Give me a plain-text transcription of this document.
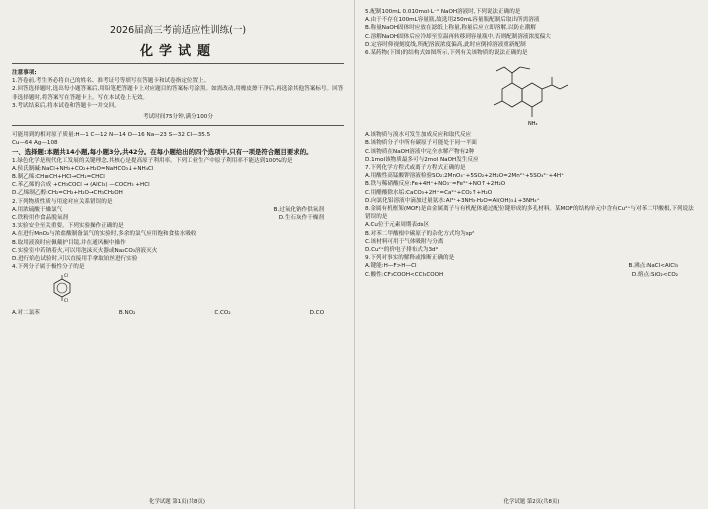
2026届高三考前适应性训练(一)
化学试题

注意事项:

1.答卷前,考生务必将自己的姓名、准考证号等填写在答题卡和试卷指定位置上。

2.回答选择题时,选出每小题答案后,用铅笔把答题卡上对应题目的答案标号涂黑。如需改动,用橡皮擦干净后,再选涂其他答案标号。回答非选择题时,将答案写在答题卡上。写在本试卷上无效。

3.考试结束后,将本试卷和答题卡一并交回。

考试时间75分钟,满分100分

可能用到的相对原子质量:H—1 C—12 N—14 O—16 Na—23 S—32 Cl—35.5

Cu—64 Ag—108

一、选择题:本题共14小题,每小题3分,共42分。在每小题给出的四个选项中,只有一项是符合题目要求的。

1.绿色化学是现代化工发展的关键理念,其核心是提高原子利用率。下列工业生产中原子利用率不能达到100%的是

A.侯氏制碱:NaCl+NH₃+CO₂+H₂O=NaHCO₃↓+NH₄Cl

B.制乙烯:CH≡CH+HCl→CH₂=CHCl

C.苯乙烯的合成 +CH₃COCl → (AlCl₃) —COCH₃ +HCl

D.乙烯制乙醇:CH₂=CH₂+H₂O→CH₃CH₂OH

2.下列物质性质与用途对应关系错误的是

A.用浓硫酸干燥氯气	B.过氧化钠作供氧剂
C.铁粉用作食品脱氧剂	D.生石灰作干燥剂

3.实验安全至关重要。下列实验操作正确的是

A.在进行MnO₂与浓盐酸制备氯气的实验时,多余的氯气应用饱和食盐水吸收

B.取用液溴时应佩戴护目镜,并在通风橱中操作

C.实验室中若钠着火,可以用泡沫灭火器或Na₂CO₃溶液灭火

D.进行焰色试验时,可以直接用手拿取铂丝进行实验

4.下列分子属于极性分子的是

Cl
Cl
A.对二氯苯	B.NO₂	C.CO₂	D.CO
化学试题 第1页(共8页)

5.配制100mL 0.010mol·L⁻¹ NaOH溶液时,下列说法正确的是

A.由于不存在100mL容量瓶,故选用250mL容量瓶配制后取出所需溶液

B.称量NaOH固体时应放在滤纸上称量,称量后应立即溶解,以防止潮解

C.溶解NaOH固体后应冷却至室温再转移到容量瓶中,否则配制溶液浓度偏大

D.定容时仰视刻度线,所配溶液浓度偏高,此时应倒掉溶液重新配制

6.某药物(下图)的结构式如图所示,下列有关该物质的说法正确的是

NH₂

A.该物质与溴水可发生加成反应和取代反应

B.该物质分子中所有碳原子可能处于同一平面

C.该物质在NaOH溶液中完全水解产物有2种

D.1mol该物质最多可与2mol NaOH发生反应

7.下列化学方程式或离子方程式正确的是

A.用酸性高锰酸钾溶液检验SO₂:2MnO₄⁻+5SO₂+2H₂O=2Mn²⁺+5SO₄²⁻+4H⁺

B.铁与稀硝酸反应:Fe+4H⁺+NO₃⁻=Fe³⁺+NO↑+2H₂O

C.用醋酸除水垢:CaCO₃+2H⁺=Ca²⁺+CO₂↑+H₂O

D.向氯化铝溶液中滴加过量氨水:Al³⁺+3NH₃·H₂O=Al(OH)₃↓+3NH₄⁺

8.金属有机框架(MOF)是由金属离子与有机配体通过配位键形成的多孔材料。某MOF的结构单元中含有Cu²⁺与对苯二甲酸根,下列说法错误的是

A.Cu位于元素周期表ds区

B.对苯二甲酸根中碳原子的杂化方式均为sp²

C.该材料可用于气体吸附与分离

D.Cu²⁺的价电子排布式为3d⁹

9.下列对事实的解释或推断正确的是

A.键能:H—F>H—Cl	B.沸点:NaCl<AlCl₃
C.酸性:CF₃COOH<CCl₃COOH	D.熔点:SiO₂<CO₂
化学试题 第2页(共8页)
